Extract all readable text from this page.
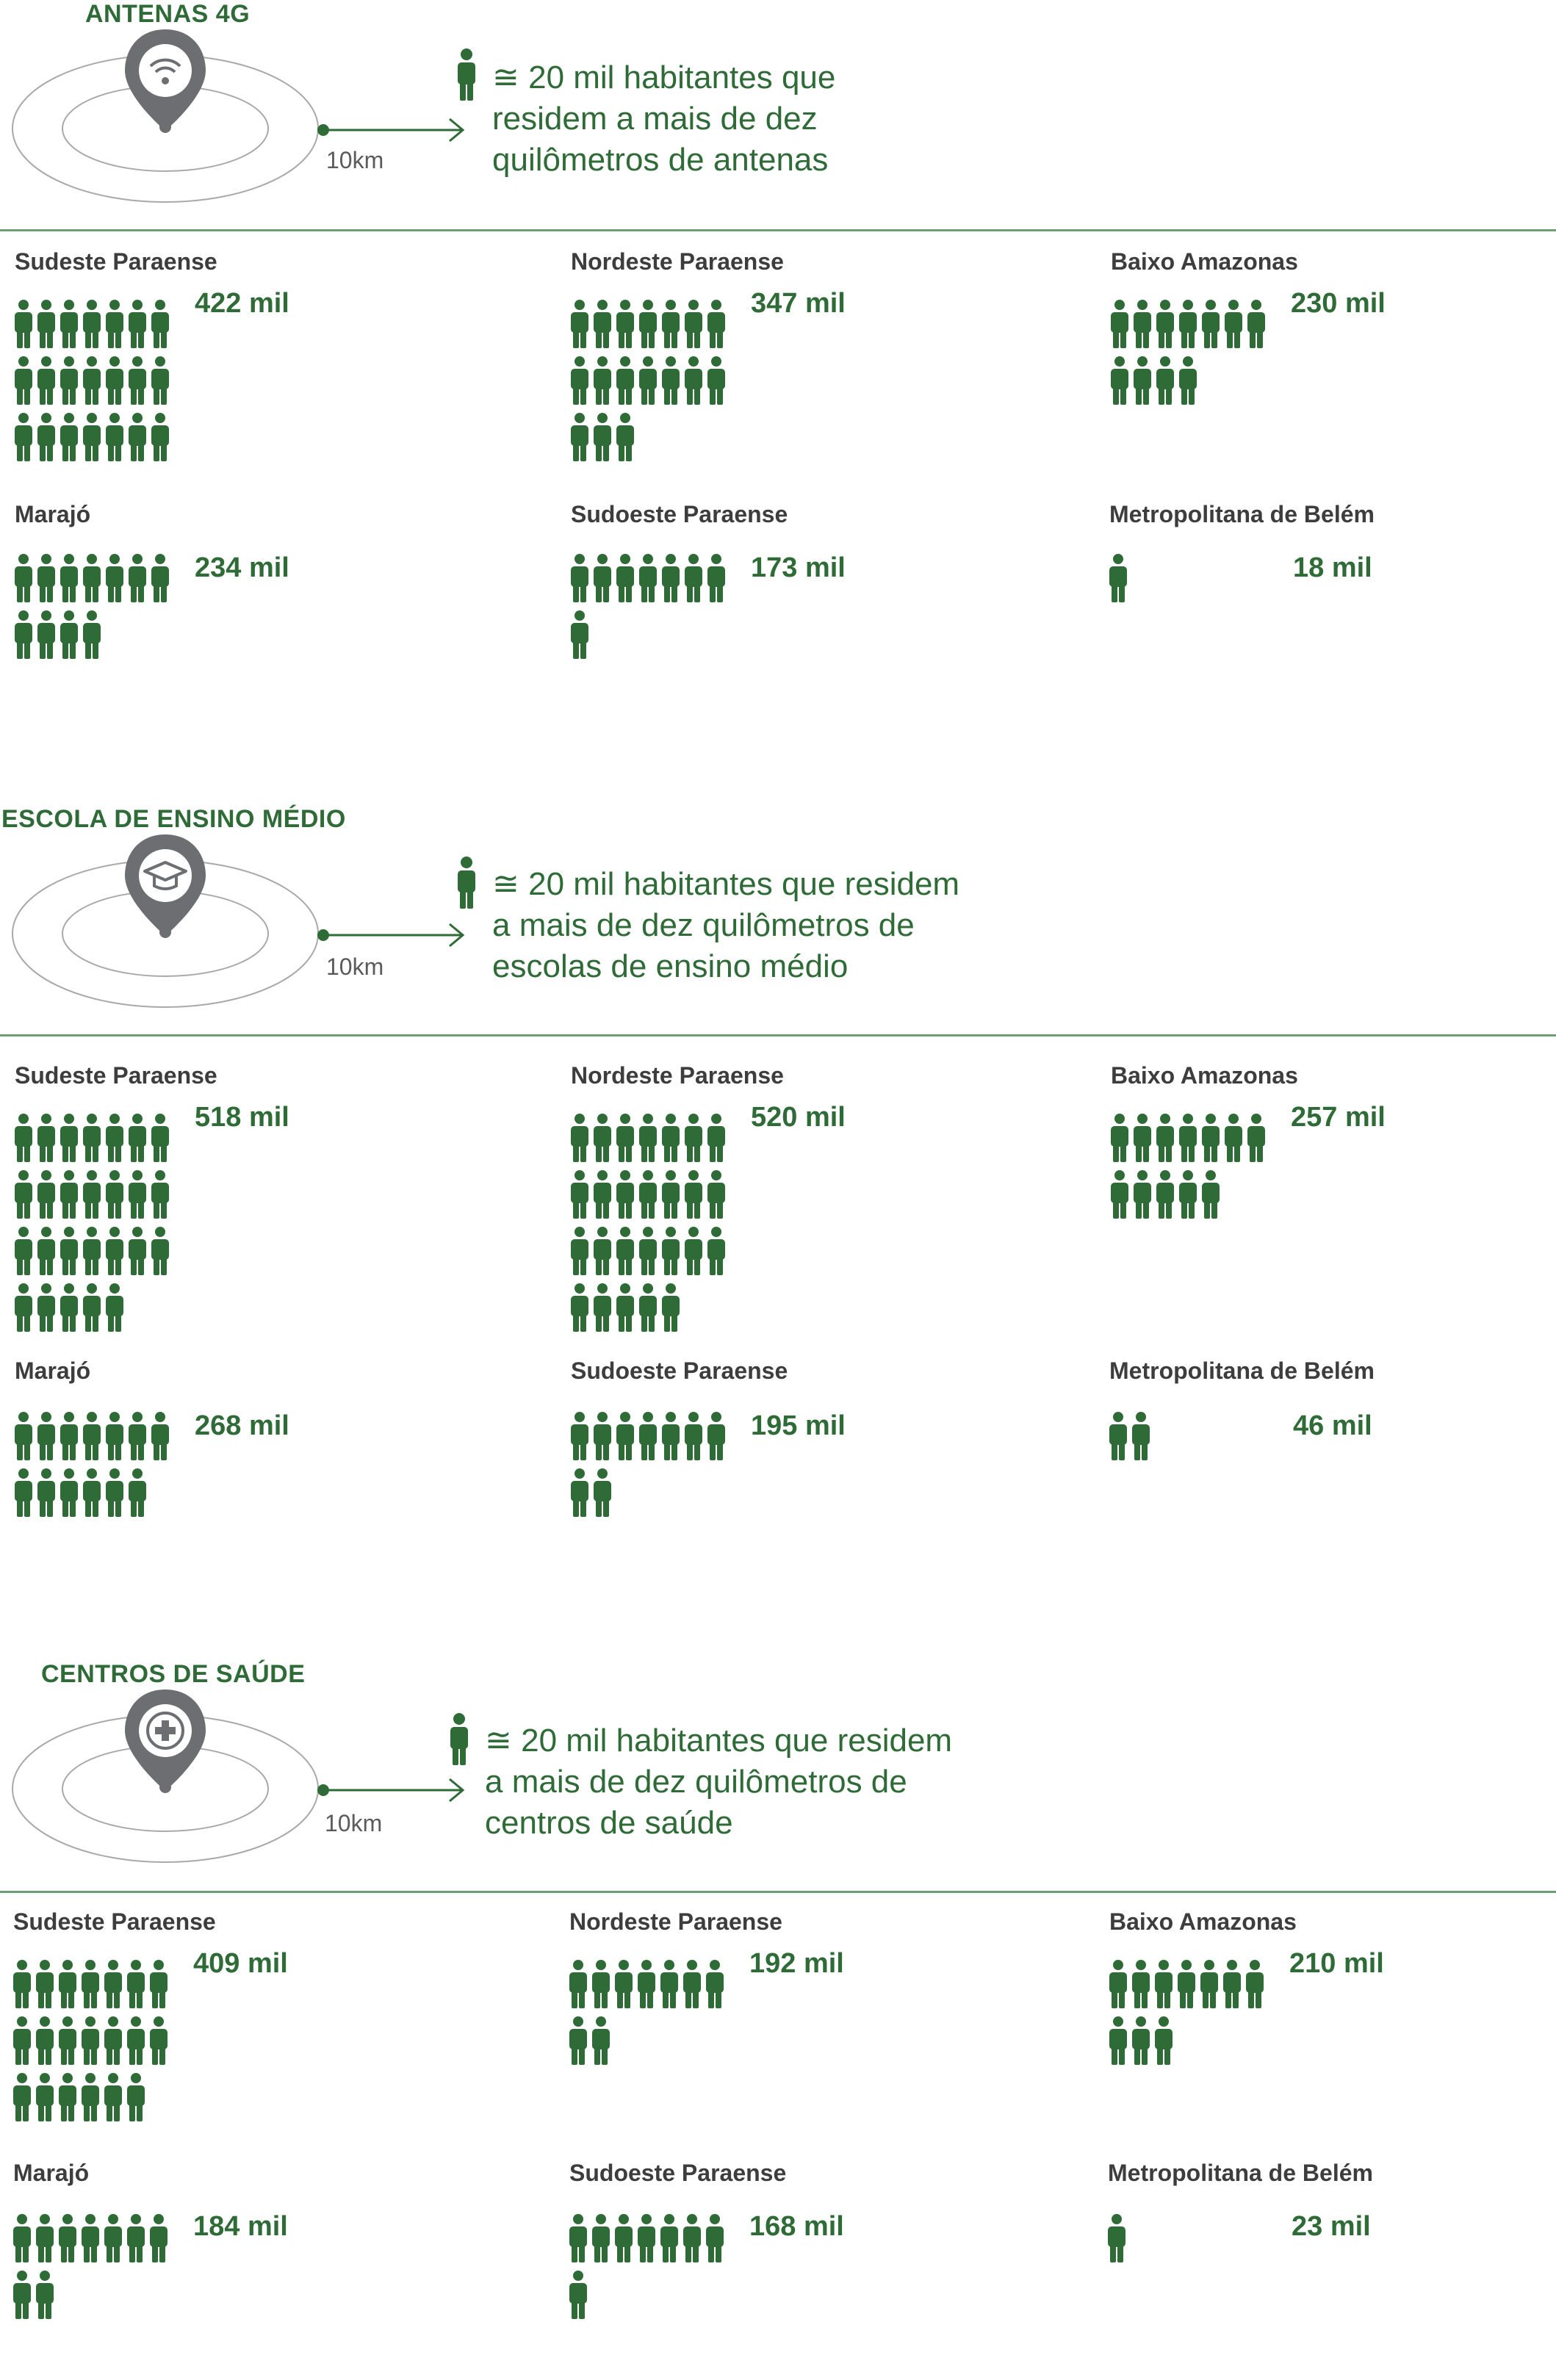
ANTENAS 4G
10km
≅ 20 mil habitantes que
residem a mais de dez
quilômetros de antenas
Sudeste Paraense
422 mil
Nordeste Paraense
347 mil
Baixo Amazonas
230 mil
Marajó
234 mil
Sudoeste Paraense
173 mil
Metropolitana de Belém
18 mil
ESCOLA DE ENSINO MÉDIO
10km
≅ 20 mil habitantes que residem
a mais de dez quilômetros de
escolas de ensino médio
Sudeste Paraense
518 mil
Nordeste Paraense
520 mil
Baixo Amazonas
257 mil
Marajó
268 mil
Sudoeste Paraense
195 mil
Metropolitana de Belém
46 mil
CENTROS DE SAÚDE
10km
≅ 20 mil habitantes que residem
a mais de dez quilômetros de
centros de saúde
Sudeste Paraense
409 mil
Nordeste Paraense
192 mil
Baixo Amazonas
210 mil
Marajó
184 mil
Sudoeste Paraense
168 mil
Metropolitana de Belém
23 mil
